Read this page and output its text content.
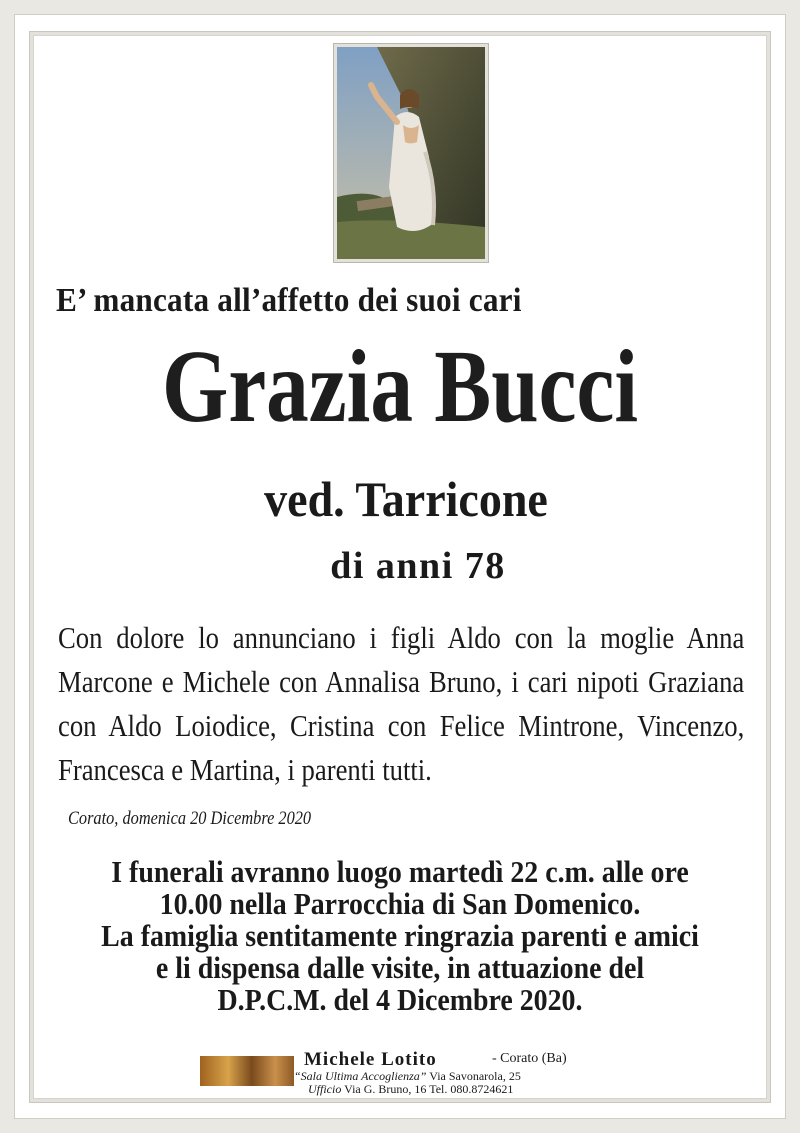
E’ mancata all’affetto dei suoi cari
Grazia Bucci
ved. Tarricone
di anni 78
Con dolore lo annunciano i figli Aldo con la moglie Anna Marcone e Michele con Annalisa Bruno, i cari nipoti Graziana con Aldo Loiodice, Cristina con Felice Mintrone, Vincenzo, Francesca e Martina, i parenti tutti.
Corato, domenica 20 Dicembre 2020
I funerali avranno luogo martedì 22 c.m. alle ore
10.00 nella Parrocchia di San Domenico.
La famiglia sentitamente ringrazia parenti e amici
e li dispensa dalle visite, in attuazione del
D.P.C.M. del 4 Dicembre 2020.
Michele Lotito	- Corato (Ba)
“Sala Ultima Accoglienza” Via Savonarola, 25
Ufficio Via G. Bruno, 16 Tel. 080.8724621
